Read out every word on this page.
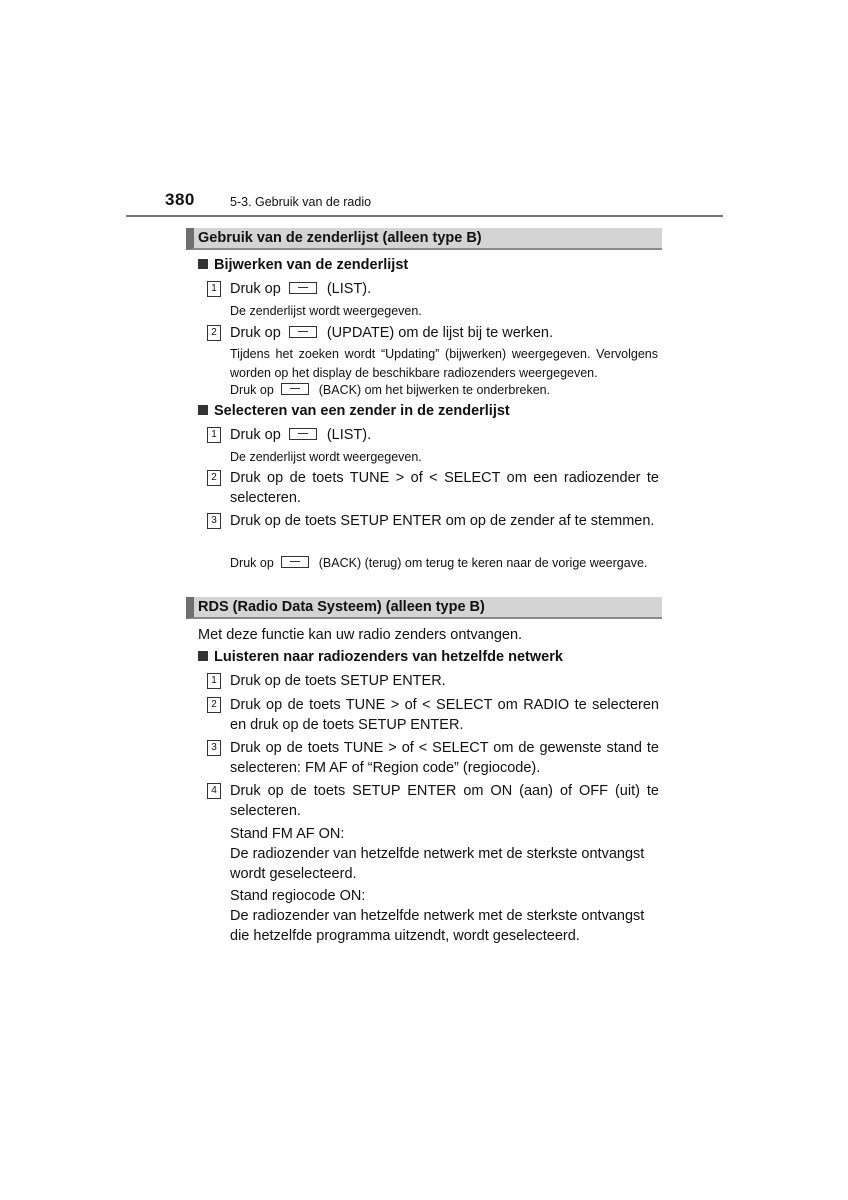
380	5-3. Gebruik van de radio
Gebruik van de zenderlijst (alleen type B)
Bijwerken van de zenderlijst
1 Druk op	(LIST).
De zenderlijst wordt weergegeven.
2 Druk op	(UPDATE) om de lijst bij te werken.
Tijdens het zoeken wordt “Updating” (bijwerken) weergegeven. Vervolgens worden op het display de beschikbare radiozenders weergegeven.
Druk op	(BACK) om het bijwerken te onderbreken.
Selecteren van een zender in de zenderlijst
1 Druk op	(LIST).
De zenderlijst wordt weergegeven.
2 Druk op de toets TUNE > of < SELECT om een radiozender te selecteren.
3 Druk op de toets SETUP ENTER om op de zender af te stemmen.
Druk op	(BACK) (terug) om terug te keren naar de vorige weergave.
RDS (Radio Data Systeem) (alleen type B)
Met deze functie kan uw radio zenders ontvangen.
Luisteren naar radiozenders van hetzelfde netwerk
1 Druk op de toets SETUP ENTER.
2 Druk op de toets TUNE > of < SELECT om RADIO te selecteren en druk op de toets SETUP ENTER.
3 Druk op de toets TUNE > of < SELECT om de gewenste stand te selecteren: FM AF of “Region code” (regiocode).
4 Druk op de toets SETUP ENTER om ON (aan) of OFF (uit) te selecteren.
Stand FM AF ON:
De radiozender van hetzelfde netwerk met de sterkste ontvangst wordt geselecteerd.
Stand regiocode ON:
De radiozender van hetzelfde netwerk met de sterkste ontvangst die hetzelfde programma uitzendt, wordt geselecteerd.
